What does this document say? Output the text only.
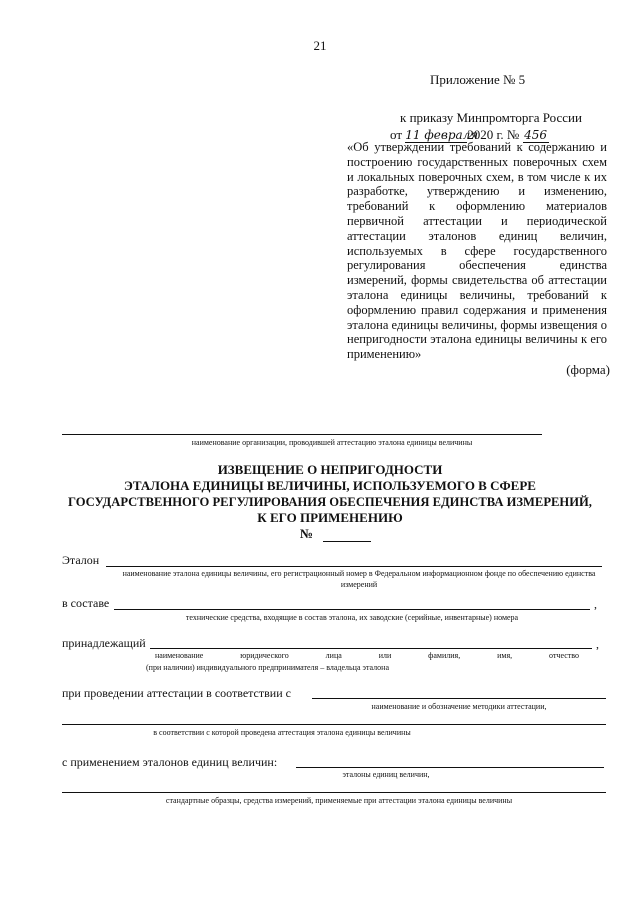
21
Приложение № 5
к приказу Минпромторга России
от 11 февраля2020 г. № 456
«Об утверждении требований к содержанию и построению государственных поверочных схем и локальных поверочных схем, в том числе к их разработке, утверждению и изменению, требований к оформлению материалов первичной аттестации и периодической аттестации эталонов единиц величин, используемых в сфере государственного регулирования обеспечения единства измерений, формы свидетельства об аттестации эталона единицы величины, требований к оформлению правил содержания и применения эталона единицы величины, формы извещения о непригодности эталона единицы величины к его применению»
(форма)
наименование организации, проводившей аттестацию эталона единицы величины
ИЗВЕЩЕНИЕ О НЕПРИГОДНОСТИ
ЭТАЛОНА ЕДИНИЦЫ ВЕЛИЧИНЫ, ИСПОЛЬЗУЕМОГО В СФЕРЕ
ГОСУДАРСТВЕННОГО РЕГУЛИРОВАНИЯ ОБЕСПЕЧЕНИЯ ЕДИНСТВА ИЗМЕРЕНИЙ,
К ЕГО ПРИМЕНЕНИЮ
№
Эталон
наименование эталона единицы величины, его регистрационный номер в Федеральном информационном фонде по обеспечению единства измерений
в составе	,
технические средства, входящие в состав эталона, их заводские (серийные, инвентарные) номера
принадлежащий	,
наименование юридического лица или фамилия, имя, отчество
(при наличии) индивидуального предпринимателя – владельца эталона
при проведении аттестации в соответствии с
наименование и обозначение методики аттестации,
в соответствии с которой проведена аттестация эталона единицы величины
с применением эталонов единиц величин:
эталоны единиц величин,
стандартные образцы, средства измерений, применяемые при аттестации эталона единицы величины
